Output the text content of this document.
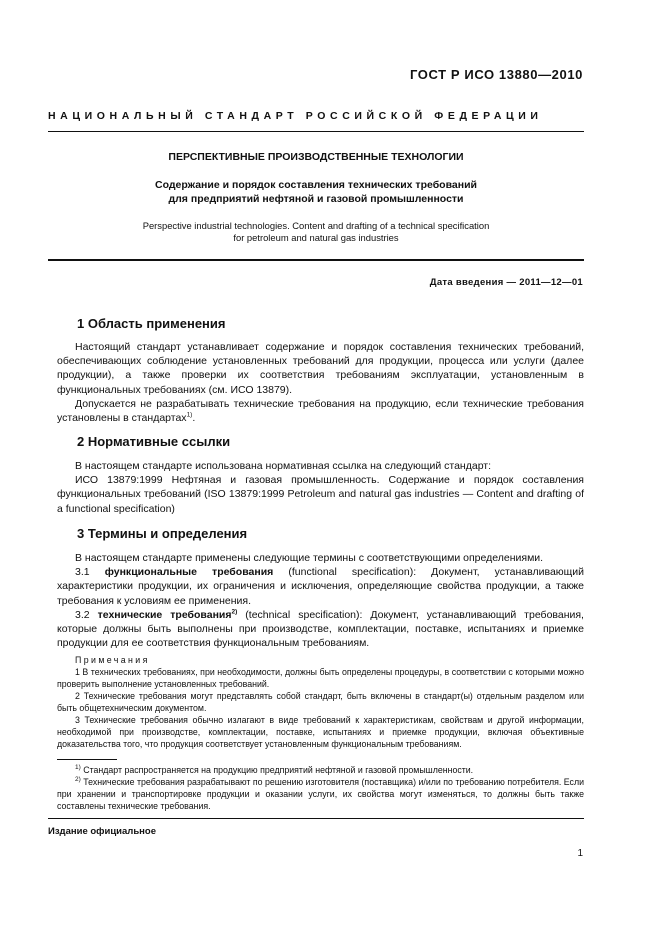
ГОСТ Р ИСО 13880—2010
НАЦИОНАЛЬНЫЙ СТАНДАРТ РОССИЙСКОЙ ФЕДЕРАЦИИ
ПЕРСПЕКТИВНЫЕ ПРОИЗВОДСТВЕННЫЕ ТЕХНОЛОГИИ
Содержание и порядок составления технических требований
для предприятий нефтяной и газовой промышленности
Perspective industrial technologies. Content and drafting of a technical specification
for petroleum and natural gas industries
Дата введения — 2011—12—01
1 Область применения

Настоящий стандарт устанавливает содержание и порядок составления технических требований, обеспечивающих соблюдение установленных требований для продукции, процесса или услуги (далее продукции), а также проверки их соответствия требованиям эксплуатации, установленным в функциональных требованиях (см. ИСО 13879).

Допускается не разрабатывать технические требования на продукцию, если технические требования установлены в стандартах$^{1)}$.

2 Нормативные ссылки

В настоящем стандарте использована нормативная ссылка на следующий стандарт:

ИСО 13879:1999 Нефтяная и газовая промышленность. Содержание и порядок составления функциональных требований (ISO 13879:1999 Petroleum and natural gas industries — Content and drafting of a functional specification)

3 Термины и определения

В настоящем стандарте применены следующие термины с соответствующими определениями.

3.1 функциональные требования (functional specification): Документ, устанавливающий характеристики продукции, их ограничения и исключения, определяющие свойства продукции, а также требования к условиям ее применения.

3.2 технические требования$^{2)}$ (technical specification): Документ, устанавливающий требования, которые должны быть выполнены при производстве, комплектации, поставке, испытаниях и приемке продукции для ее соответствия функциональным требованиям.

Примечания

1 В технических требованиях, при необходимости, должны быть определены процедуры, в соответствии с которыми можно проверить выполнение установленных требований.

2 Технические требования могут представлять собой стандарт, быть включены в стандарт(ы) отдельным разделом или быть общетехническим документом.

3 Технические требования обычно излагают в виде требований к характеристикам, свойствам и другой информации, необходимой при производстве, комплектации, поставке, испытаниях и приемке продукции, включая объективные доказательства того, что продукция соответствует установленным функциональным требованиям.

$^{1)}$ Стандарт распространяется на продукцию предприятий нефтяной и газовой промышленности.

$^{2)}$ Технические требования разрабатывают по решению изготовителя (поставщика) и/или по требованию потребителя. Если при хранении и транспортировке продукции и оказании услуги, их свойства могут изменяться, то должны быть также составлены технические требования.

Издание официальное
1
